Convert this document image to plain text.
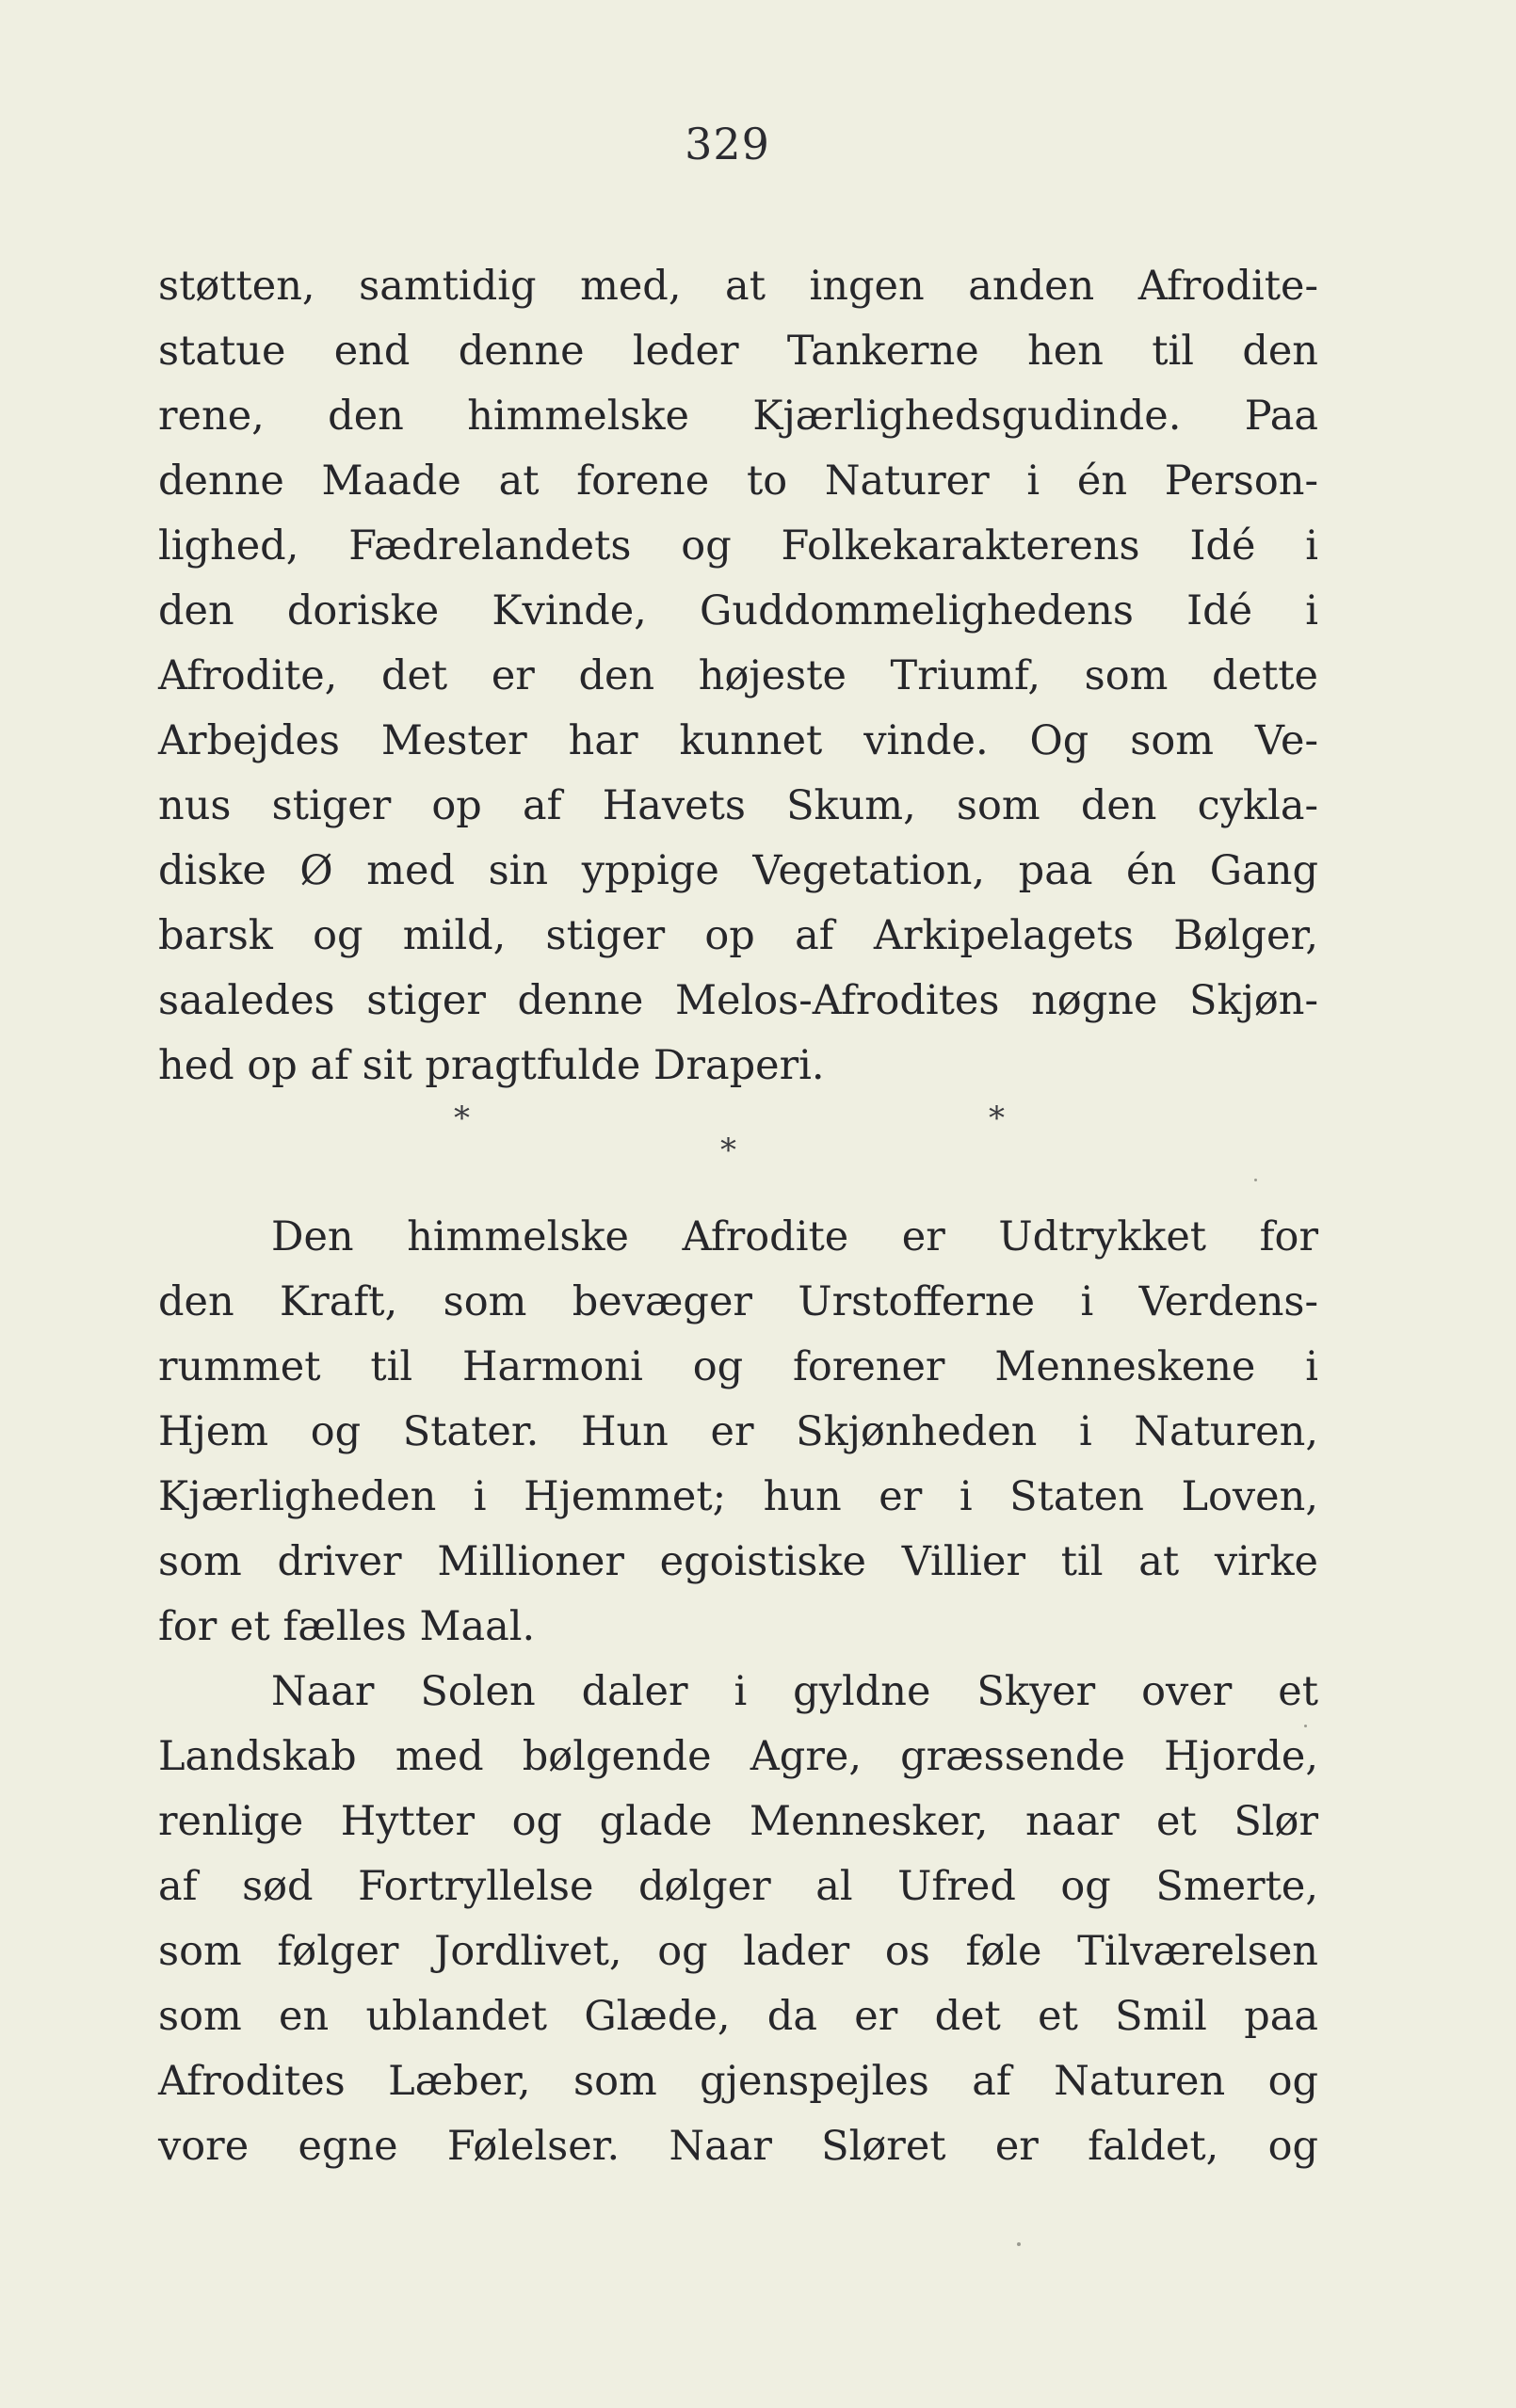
329
støtten, samtidig med, at ingen anden Afrodite-
statue end denne leder Tankerne hen til den
rene, den himmelske Kjærlighedsgudinde. Paa
denne Maade at forene to Naturer i én Person-
lighed, Fædrelandets og Folkekarakterens Idé i
den doriske Kvinde, Guddommelighedens Idé i
Afrodite, det er den højeste Triumf, som dette
Arbejdes Mester har kunnet vinde. Og som Ve-
nus stiger op af Havets Skum, som den cykla-
diske Ø med sin yppige Vegetation, paa én Gang
barsk og mild, stiger op af Arkipelagets Bølger,
saaledes stiger denne Melos-Afrodites nøgne Skjøn-
hed op af sit pragtfulde Draperi.
*	*
*
Den himmelske Afrodite er Udtrykket for
den Kraft, som bevæger Urstofferne i Verdens-
rummet til Harmoni og forener Menneskene i
Hjem og Stater. Hun er Skjønheden i Naturen,
Kjærligheden i Hjemmet; hun er i Staten Loven,
som driver Millioner egoistiske Villier til at virke
for et fælles Maal.
Naar Solen daler i gyldne Skyer over et
Landskab med bølgende Agre, græssende Hjorde,
renlige Hytter og glade Mennesker, naar et Slør
af sød Fortryllelse dølger al Ufred og Smerte,
som følger Jordlivet, og lader os føle Tilværelsen
som en ublandet Glæde, da er det et Smil paa
Afrodites Læber, som gjenspejles af Naturen og
vore egne Følelser. Naar Sløret er faldet, og
